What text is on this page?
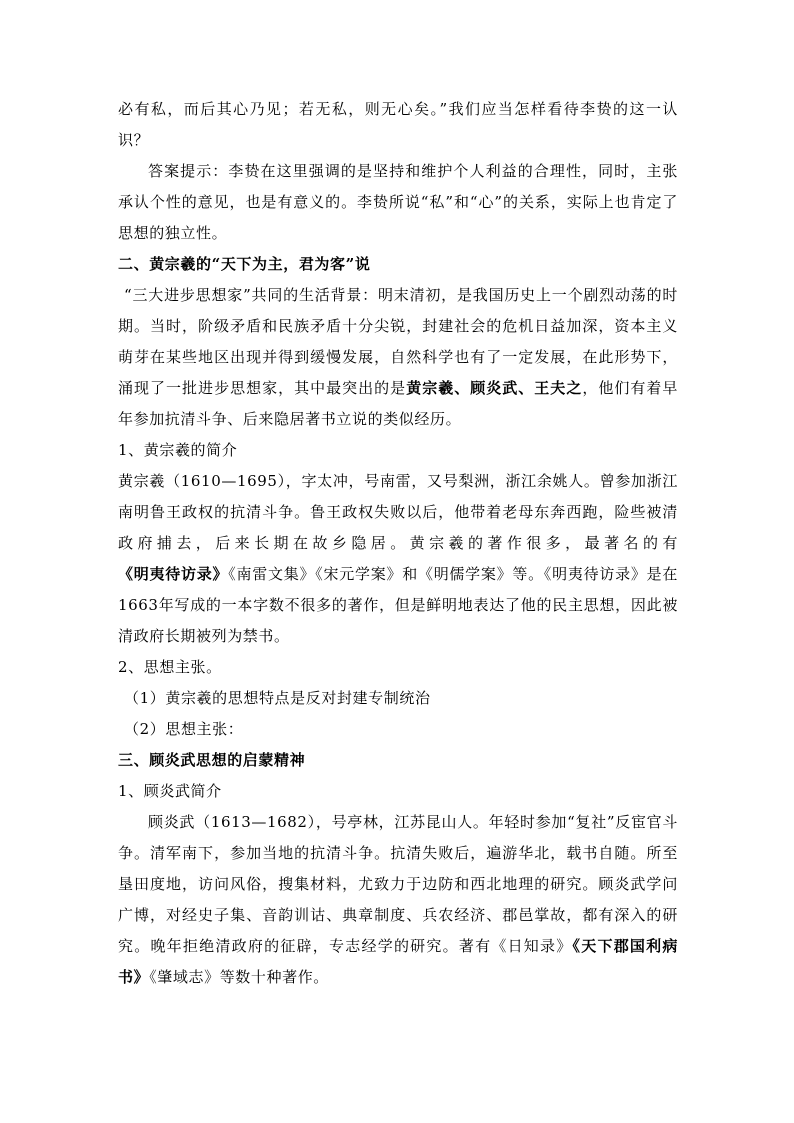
必有私，而后其心乃见；若无私，则无心矣。”我们应当怎样看待李贽的这一认识？

答案提示：李贽在这里强调的是坚持和维护个人利益的合理性，同时，主张承认个性的意见，也是有意义的。李贽所说“私”和“心”的关系，实际上也肯定了思想的独立性。

二、黄宗羲的“天下为主，君为客”说

“三大进步思想家”共同的生活背景：明末清初，是我国历史上一个剧烈动荡的时期。当时，阶级矛盾和民族矛盾十分尖锐，封建社会的危机日益加深，资本主义萌芽在某些地区出现并得到缓慢发展，自然科学也有了一定发展，在此形势下，涌现了一批进步思想家，其中最突出的是黄宗羲、顾炎武、王夫之，他们有着早年参加抗清斗争、后来隐居著书立说的类似经历。

1、黄宗羲的简介

黄宗羲（1610—1695），字太冲，号南雷，又号梨洲，浙江余姚人。曾参加浙江南明鲁王政权的抗清斗争。鲁王政权失败以后，他带着老母东奔西跑，险些被清政府捕去，后来长期在故乡隐居。黄宗羲的著作很多，最著名的有《明夷待访录》《南雷文集》《宋元学案》和《明儒学案》等。《明夷待访录》是在1663年写成的一本字数不很多的著作，但是鲜明地表达了他的民主思想，因此被清政府长期被列为禁书。

2、思想主张。

（1）黄宗羲的思想特点是反对封建专制统治

（2）思想主张：

三、顾炎武思想的启蒙精神

1、顾炎武简介

顾炎武（1613—1682），号亭林，江苏昆山人。年轻时参加“复社”反宦官斗争。清军南下，参加当地的抗清斗争。抗清失败后，遍游华北，载书自随。所至垦田度地，访问风俗，搜集材料，尤致力于边防和西北地理的研究。顾炎武学问广博，对经史子集、音韵训诂、典章制度、兵农经济、郡邑掌故，都有深入的研究。晚年拒绝清政府的征辟，专志经学的研究。著有《日知录》《天下郡国利病书》《肇域志》等数十种著作。
